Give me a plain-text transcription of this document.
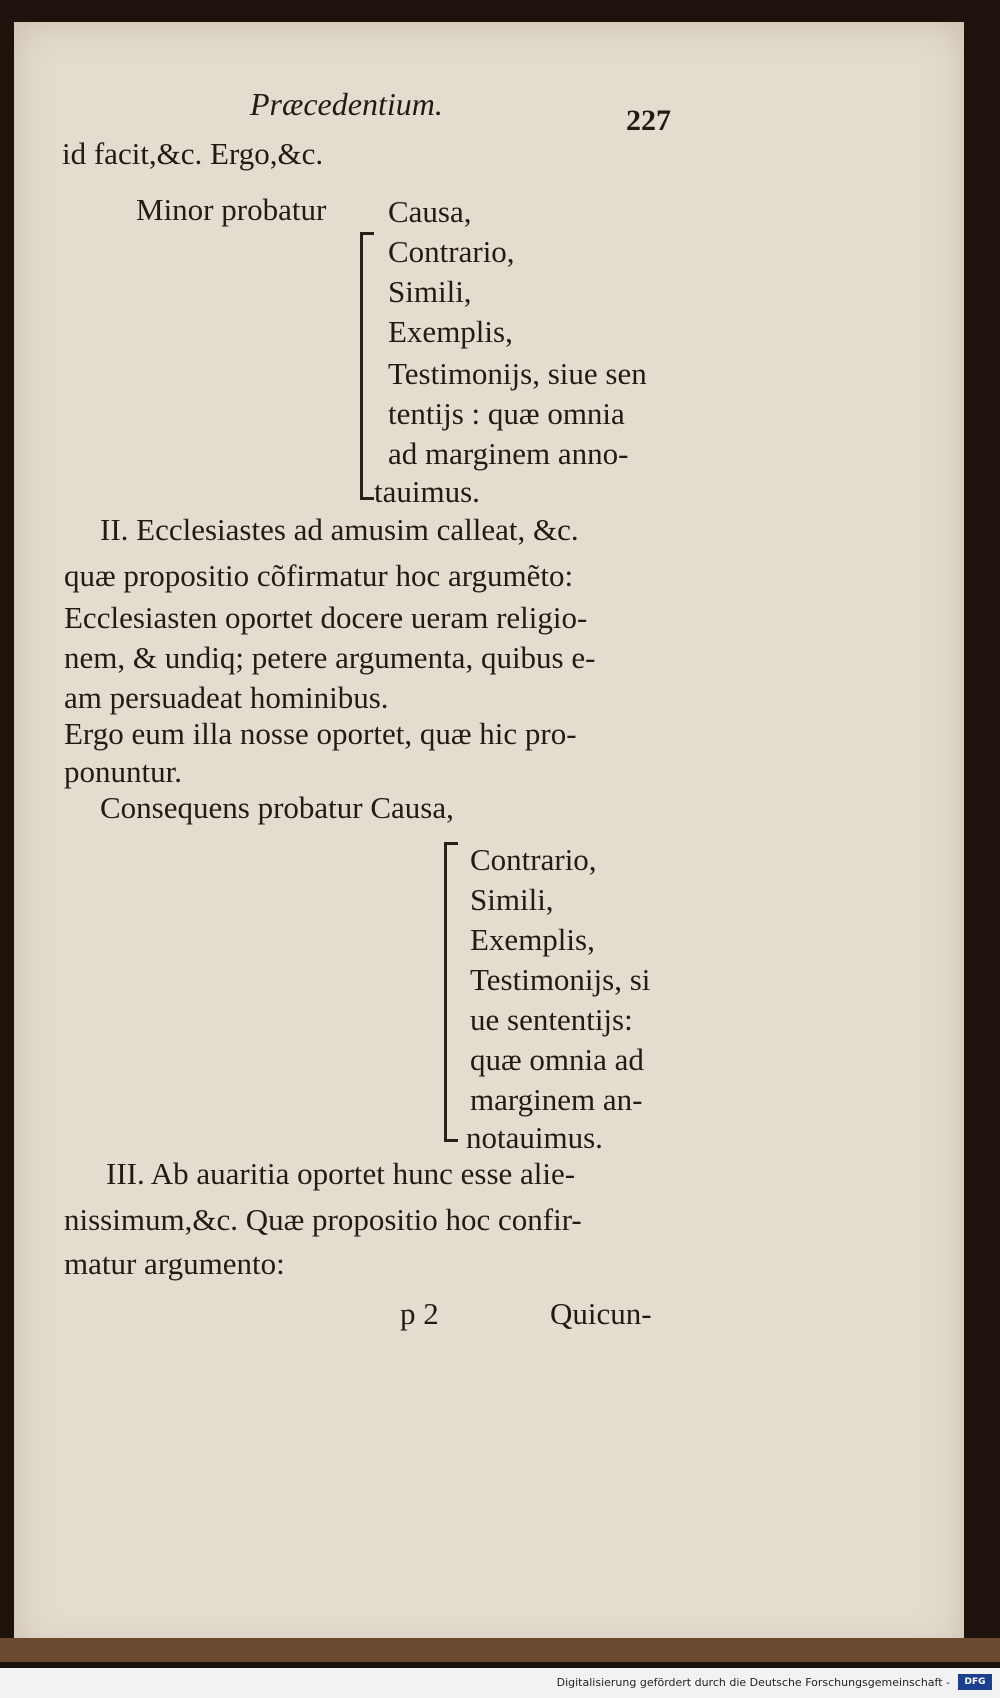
Præcedentium.	227
id facit,&c. Ergo,&c.
Minor probatur Causa,
Contrario,
Simili,
Exemplis,
Testimonijs, siue sen
tentijs : quæ omnia
ad marginem anno-
tauimus.
II. Ecclesiastes ad amusim calleat, &c.
quæ propositio cõfirmatur hoc argumẽto:
Ecclesiasten oportet docere ueram religio-
nem, & undiq; petere argumenta, quibus e-
am persuadeat hominibus.
Ergo eum illa nosse oportet, quæ hic pro-
ponuntur.
Consequens probatur Causa,
Contrario,
Simili,
Exemplis,
Testimonijs, si
ue sententijs:
quæ omnia ad
marginem an-
notauimus.
III. Ab auaritia oportet hunc esse alie-
nissimum,&c. Quæ propositio hoc confir-
matur argumento:
p 2	Quicun-
Digitalisierung gefördert durch die Deutsche Forschungsgemeinschaft -	DFG
